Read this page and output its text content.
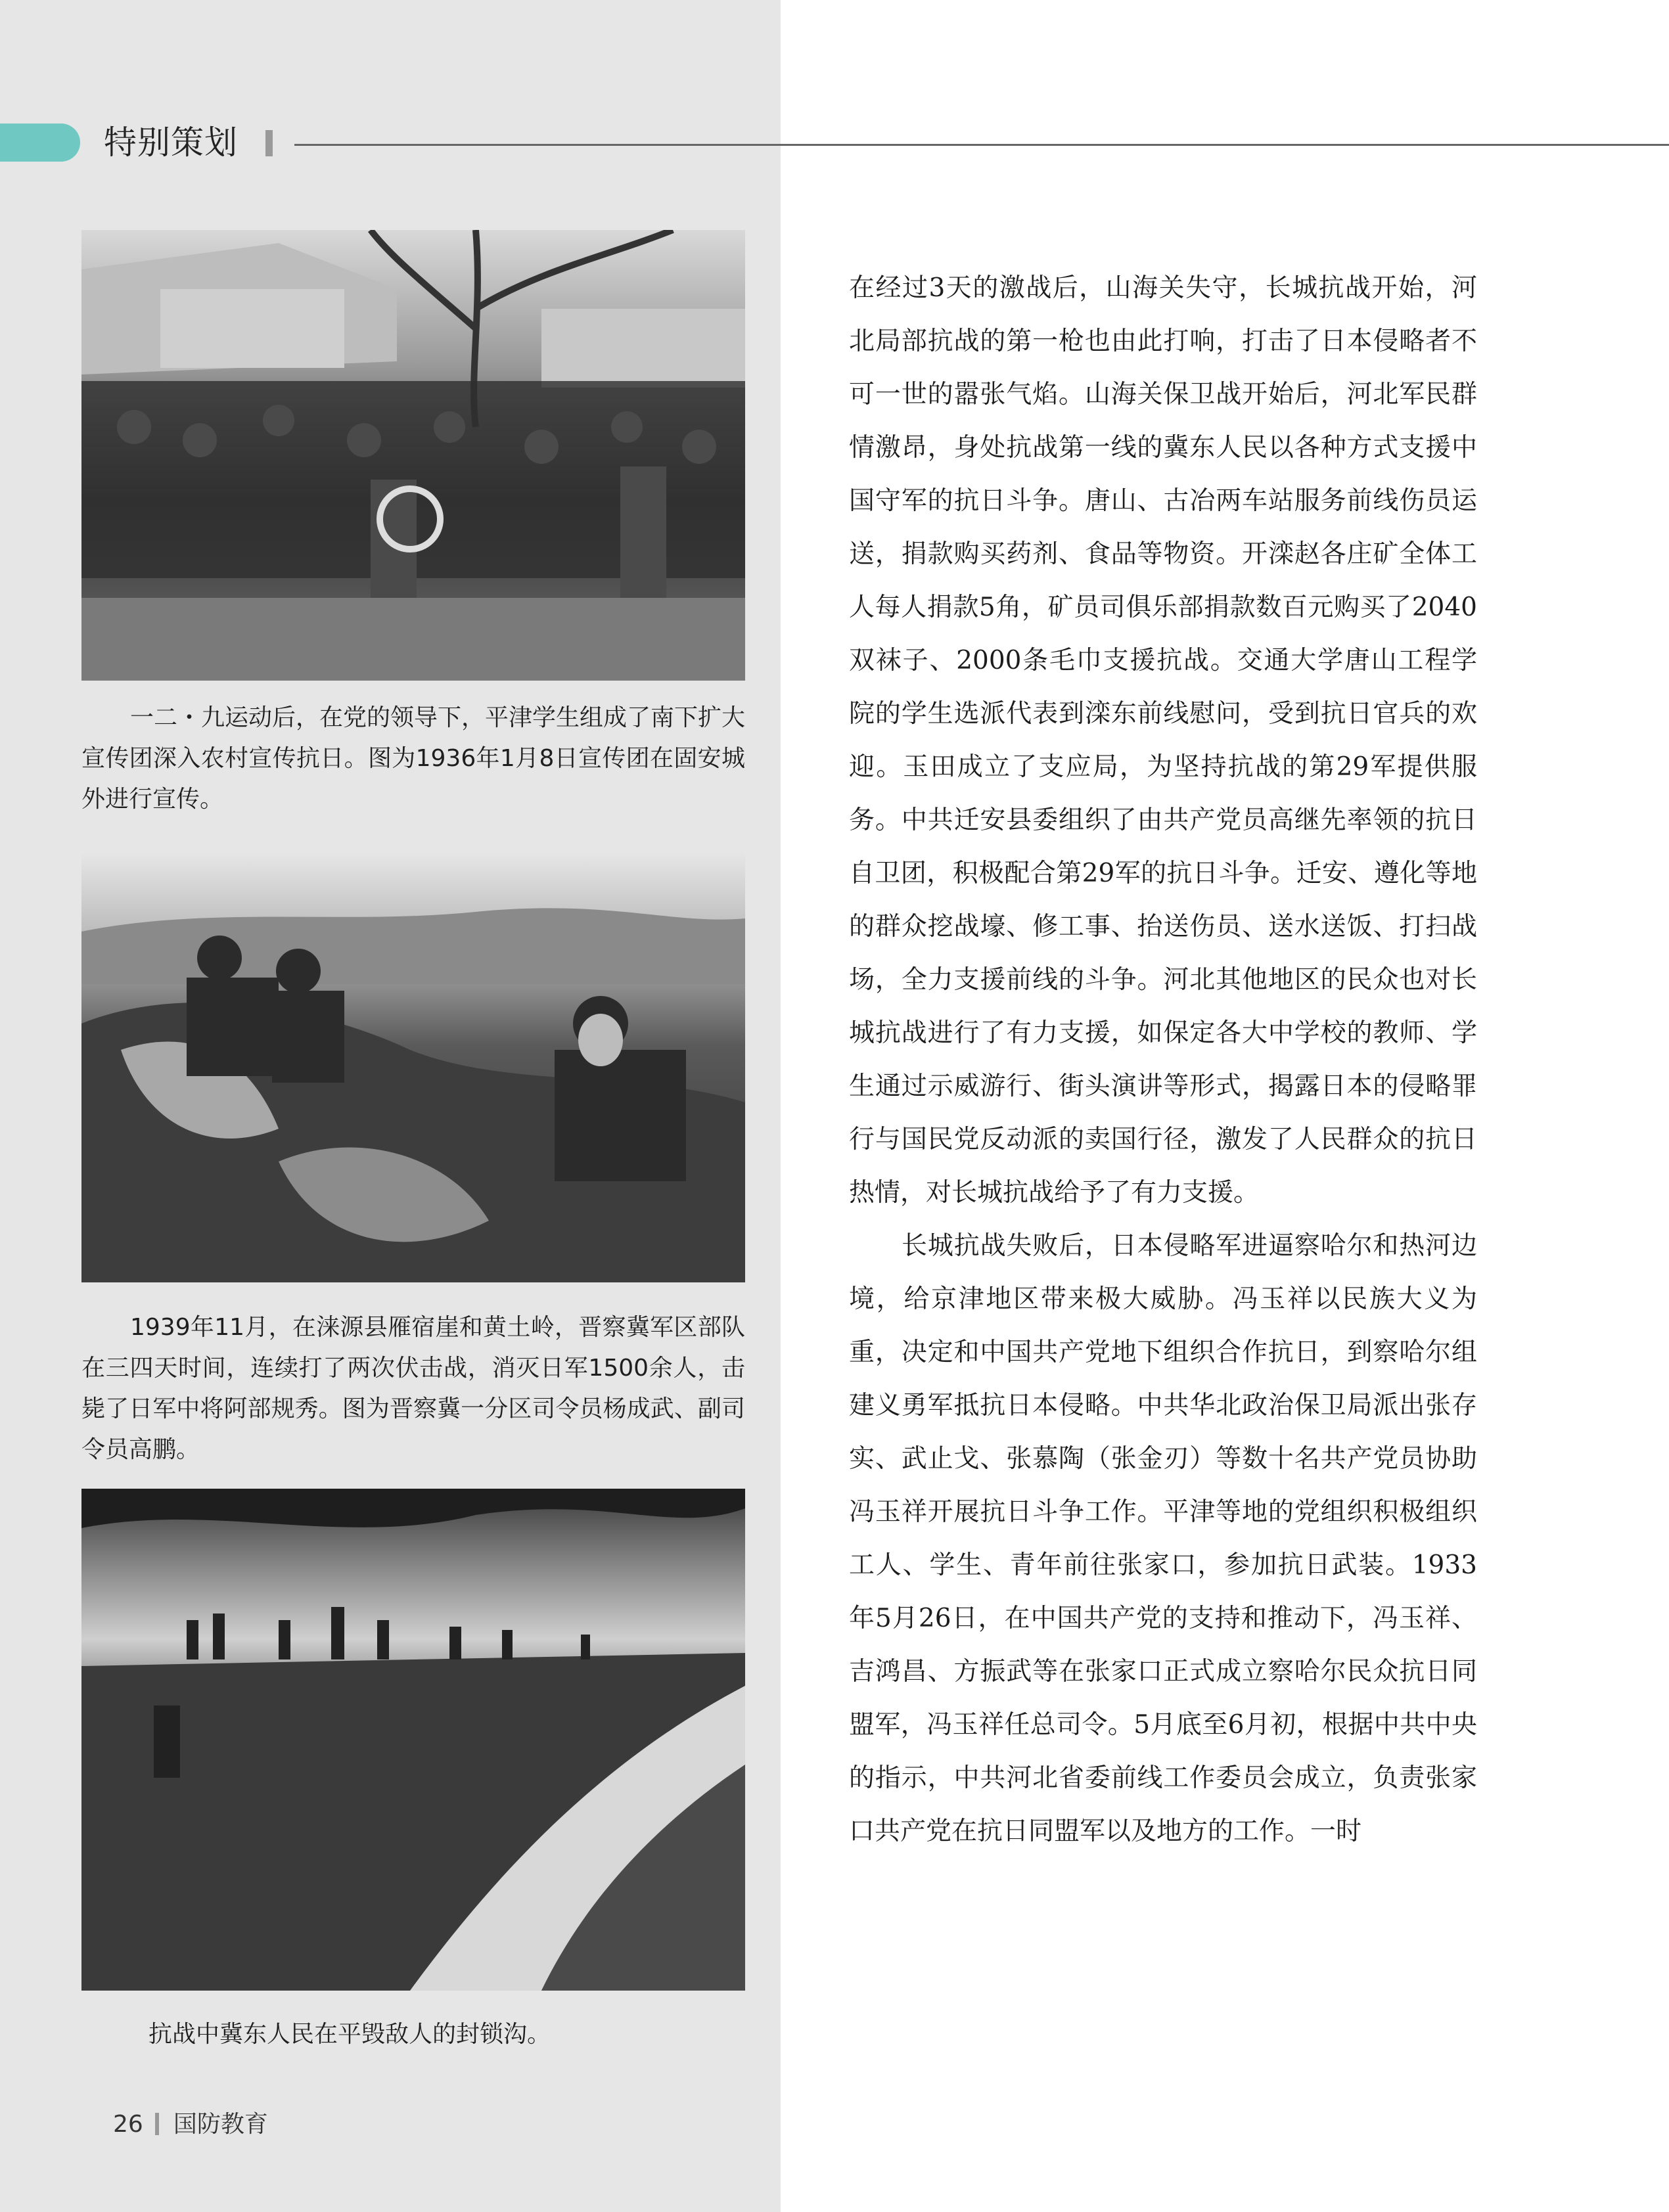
特别策划
一二・九运动后，在党的领导下，平津学生组成了南下扩大宣传团深入农村宣传抗日。图为1936年1月8日宣传团在固安城外进行宣传。
1939年11月，在涞源县雁宿崖和黄土岭，晋察冀军区部队在三四天时间，连续打了两次伏击战，消灭日军1500余人，击毙了日军中将阿部规秀。图为晋察冀一分区司令员杨成武、副司令员高鹏。
抗战中冀东人民在平毁敌人的封锁沟。
26 国防教育

在经过3天的激战后，山海关失守，长城抗战开始，河北局部抗战的第一枪也由此打响，打击了日本侵略者不可一世的嚣张气焰。山海关保卫战开始后，河北军民群情激昂，身处抗战第一线的冀东人民以各种方式支援中国守军的抗日斗争。唐山、古冶两车站服务前线伤员运送，捐款购买药剂、食品等物资。开滦赵各庄矿全体工人每人捐款5角，矿员司俱乐部捐款数百元购买了2040双袜子、2000条毛巾支援抗战。交通大学唐山工程学院的学生选派代表到滦东前线慰问，受到抗日官兵的欢迎。玉田成立了支应局，为坚持抗战的第29军提供服务。中共迁安县委组织了由共产党员高继先率领的抗日自卫团，积极配合第29军的抗日斗争。迁安、遵化等地的群众挖战壕、修工事、抬送伤员、送水送饭、打扫战场，全力支援前线的斗争。河北其他地区的民众也对长城抗战进行了有力支援，如保定各大中学校的教师、学生通过示威游行、街头演讲等形式，揭露日本的侵略罪行与国民党反动派的卖国行径，激发了人民群众的抗日热情，对长城抗战给予了有力支援。

长城抗战失败后，日本侵略军进逼察哈尔和热河边境，给京津地区带来极大威胁。冯玉祥以民族大义为重，决定和中国共产党地下组织合作抗日，到察哈尔组建义勇军抵抗日本侵略。中共华北政治保卫局派出张存实、武止戈、张慕陶（张金刃）等数十名共产党员协助冯玉祥开展抗日斗争工作。平津等地的党组织积极组织工人、学生、青年前往张家口，参加抗日武装。1933年5月26日，在中国共产党的支持和推动下，冯玉祥、吉鸿昌、方振武等在张家口正式成立察哈尔民众抗日同盟军，冯玉祥任总司令。5月底至6月初，根据中共中央的指示，中共河北省委前线工作委员会成立，负责张家口共产党在抗日同盟军以及地方的工作。一时
